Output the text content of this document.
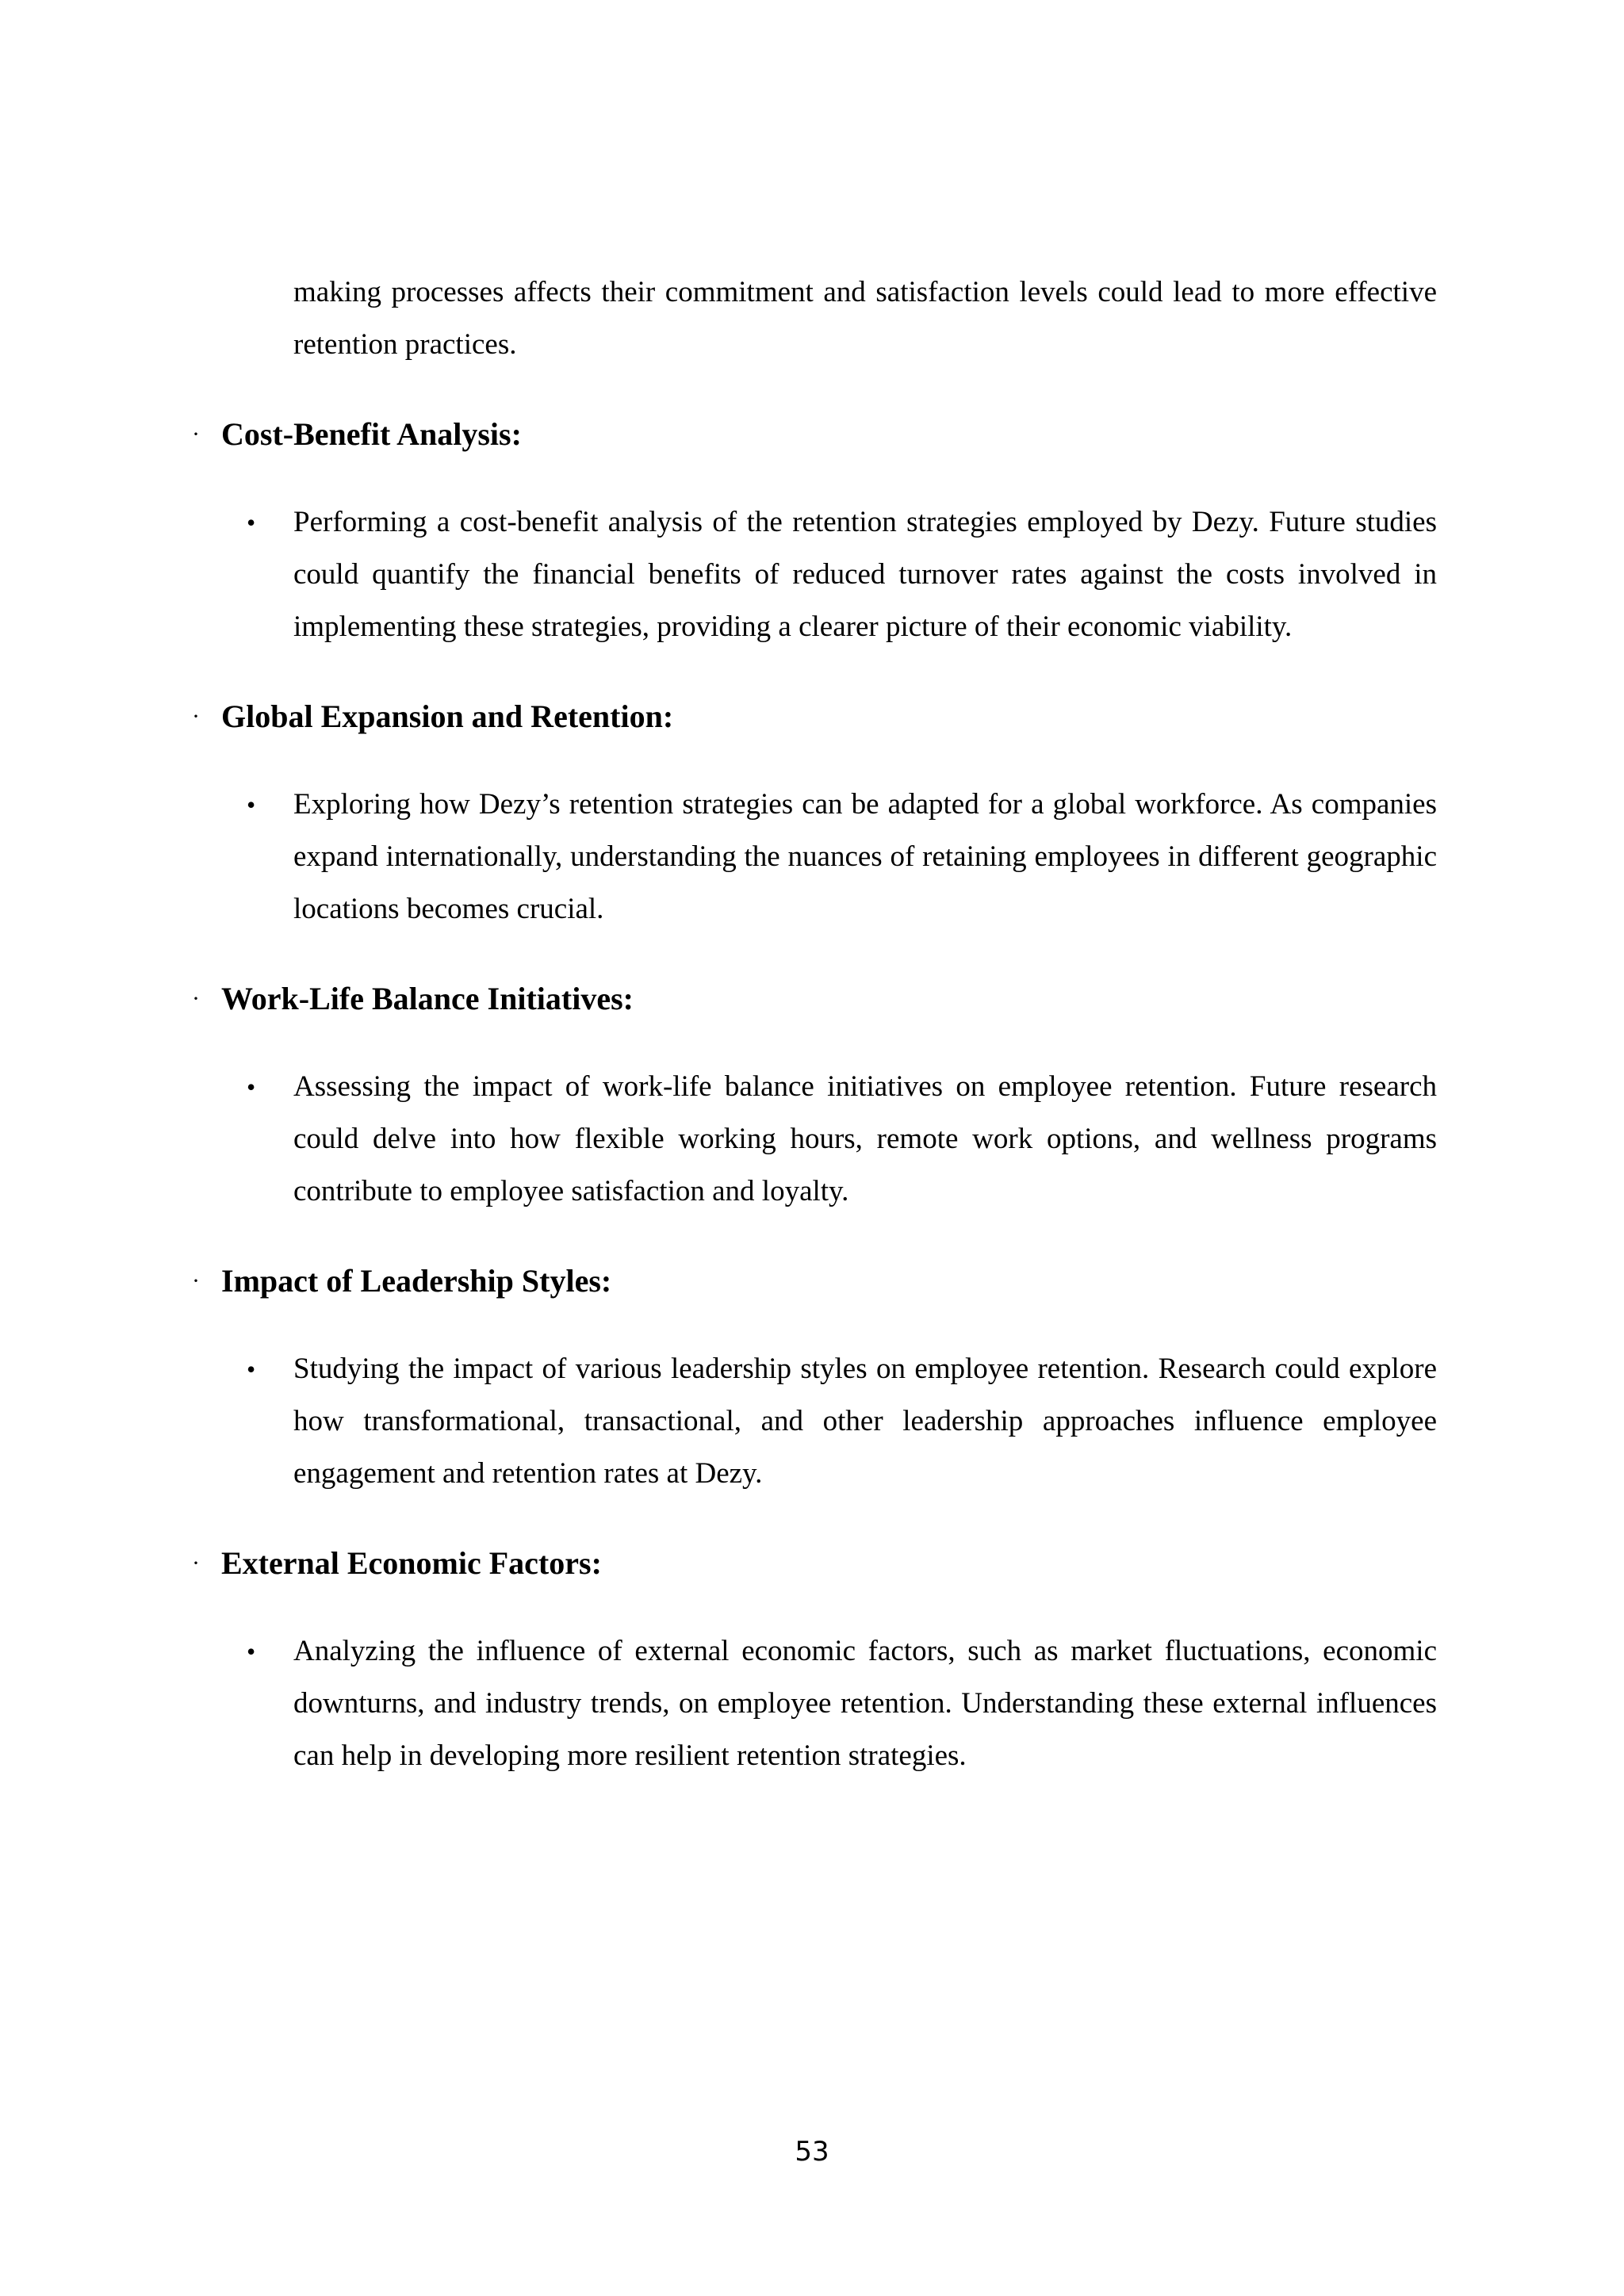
making processes affects their commitment and satisfaction levels could lead to more effective retention practices.

· Cost-Benefit Analysis:
• Performing a cost-benefit analysis of the retention strategies employed by Dezy. Future studies could quantify the financial benefits of reduced turnover rates against the costs involved in implementing these strategies, providing a clearer picture of their economic viability.
· Global Expansion and Retention:
• Exploring how Dezy’s retention strategies can be adapted for a global workforce. As companies expand internationally, understanding the nuances of retaining employees in different geographic locations becomes crucial.
· Work-Life Balance Initiatives:
• Assessing the impact of work-life balance initiatives on employee retention. Future research could delve into how flexible working hours, remote work options, and wellness programs contribute to employee satisfaction and loyalty.
· Impact of Leadership Styles:
• Studying the impact of various leadership styles on employee retention. Research could explore how transformational, transactional, and other leadership approaches influence employee engagement and retention rates at Dezy.
· External Economic Factors:
• Analyzing the influence of external economic factors, such as market fluctuations, economic downturns, and industry trends, on employee retention. Understanding these external influences can help in developing more resilient retention strategies.
53
